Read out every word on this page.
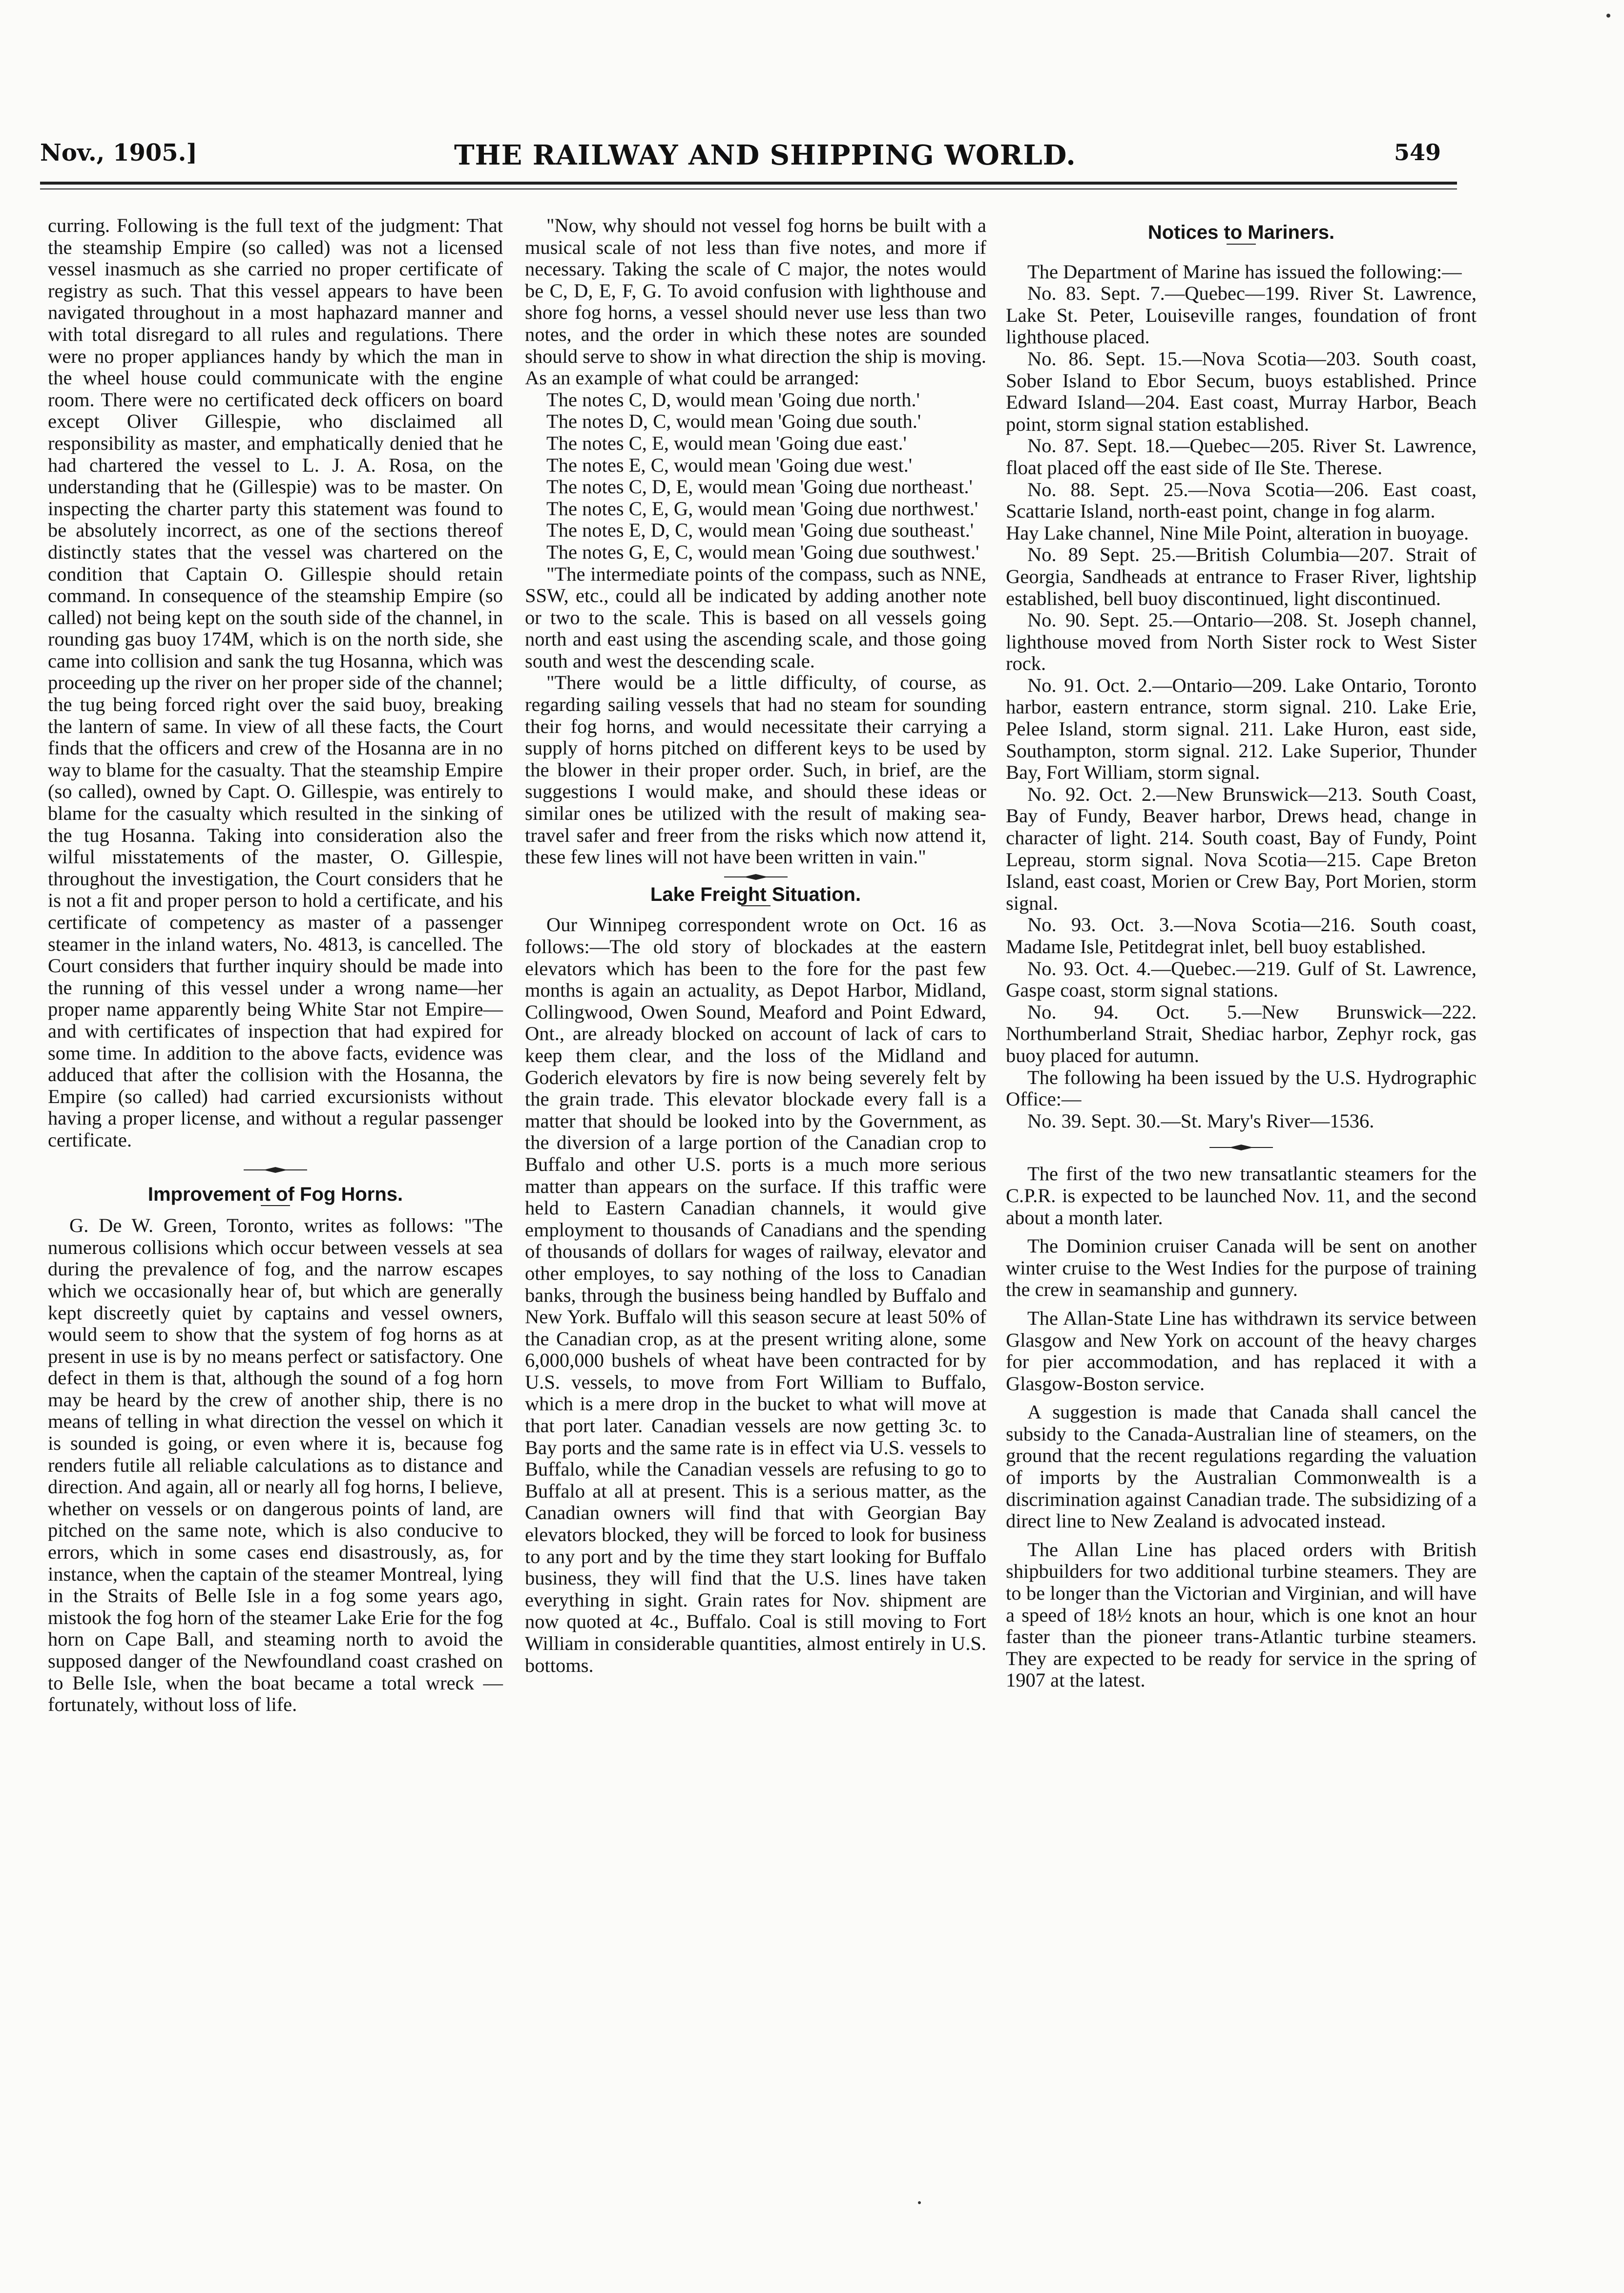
Nov., 1905.]	THE RAILWAY AND SHIPPING WORLD.	549

curring. Following is the full text of the judgment: That the steamship Empire (so called) was not a licensed vessel inasmuch as she carried no proper certificate of registry as such. That this vessel appears to have been navigated throughout in a most haphazard manner and with total disregard to all rules and regulations. There were no proper appliances handy by which the man in the wheel house could communicate with the engine room. There were no certificated deck officers on board except Oliver Gillespie, who disclaimed all responsibility as master, and emphatically denied that he had chartered the vessel to L. J. A. Rosa, on the understanding that he (Gillespie) was to be master. On inspecting the charter party this statement was found to be absolutely incorrect, as one of the sections thereof distinctly states that the vessel was chartered on the condition that Captain O. Gillespie should retain command. In consequence of the steamship Empire (so called) not being kept on the south side of the channel, in rounding gas buoy 174M, which is on the north side, she came into collision and sank the tug Hosanna, which was proceeding up the river on her proper side of the channel; the tug being forced right over the said buoy, breaking the lantern of same. In view of all these facts, the Court finds that the officers and crew of the Hosanna are in no way to blame for the casualty. That the steamship Empire (so called), owned by Capt. O. Gillespie, was entirely to blame for the casualty which resulted in the sinking of the tug Hosanna. Taking into consideration also the wilful misstatements of the master, O. Gillespie, throughout the investigation, the Court considers that he is not a fit and proper person to hold a certificate, and his certificate of competency as master of a passenger steamer in the inland waters, No. 4813, is cancelled. The Court considers that further inquiry should be made into the running of this vessel under a wrong name—her proper name apparently being White Star not Empire—and with certificates of inspection that had expired for some time. In addition to the above facts, evidence was adduced that after the collision with the Hosanna, the Empire (so called) had carried excursionists without having a proper license, and without a regular passenger certificate.

Improvement of Fog Horns.

G. De W. Green, Toronto, writes as follows: "The numerous collisions which occur between vessels at sea during the prevalence of fog, and the narrow escapes which we occasionally hear of, but which are generally kept discreetly quiet by captains and vessel owners, would seem to show that the system of fog horns as at present in use is by no means perfect or satisfactory. One defect in them is that, although the sound of a fog horn may be heard by the crew of another ship, there is no means of telling in what direction the vessel on which it is sounded is going, or even where it is, because fog renders futile all reliable calculations as to distance and direction. And again, all or nearly all fog horns, I believe, whether on vessels or on dangerous points of land, are pitched on the same note, which is also conducive to errors, which in some cases end disastrously, as, for instance, when the captain of the steamer Montreal, lying in the Straits of Belle Isle in a fog some years ago, mistook the fog horn of the steamer Lake Erie for the fog horn on Cape Ball, and steaming north to avoid the supposed danger of the Newfoundland coast crashed on to Belle Isle, when the boat became a total wreck —fortunately, without loss of life.

"Now, why should not vessel fog horns be built with a musical scale of not less than five notes, and more if necessary. Taking the scale of C major, the notes would be C, D, E, F, G. To avoid confusion with lighthouse and shore fog horns, a vessel should never use less than two notes, and the order in which these notes are sounded should serve to show in what direction the ship is moving. As an example of what could be arranged:

The notes C, D, would mean 'Going due north.'

The notes D, C, would mean 'Going due south.'

The notes C, E, would mean 'Going due east.'

The notes E, C, would mean 'Going due west.'

The notes C, D, E, would mean 'Going due northeast.'

The notes C, E, G, would mean 'Going due northwest.'

The notes E, D, C, would mean 'Going due southeast.'

The notes G, E, C, would mean 'Going due southwest.'

"The intermediate points of the compass, such as NNE, SSW, etc., could all be indicated by adding another note or two to the scale. This is based on all vessels going north and east using the ascending scale, and those going south and west the descending scale.

"There would be a little difficulty, of course, as regarding sailing vessels that had no steam for sounding their fog horns, and would necessitate their carrying a supply of horns pitched on different keys to be used by the blower in their proper order. Such, in brief, are the suggestions I would make, and should these ideas or similar ones be utilized with the result of making sea-travel safer and freer from the risks which now attend it, these few lines will not have been written in vain."

Lake Freight Situation.

Our Winnipeg correspondent wrote on Oct. 16 as follows:—The old story of blockades at the eastern elevators which has been to the fore for the past few months is again an actuality, as Depot Harbor, Midland, Collingwood, Owen Sound, Meaford and Point Edward, Ont., are already blocked on account of lack of cars to keep them clear, and the loss of the Midland and Goderich elevators by fire is now being severely felt by the grain trade. This elevator blockade every fall is a matter that should be looked into by the Government, as the diversion of a large portion of the Canadian crop to Buffalo and other U.S. ports is a much more serious matter than appears on the surface. If this traffic were held to Eastern Canadian channels, it would give employment to thousands of Canadians and the spending of thousands of dollars for wages of railway, elevator and other employes, to say nothing of the loss to Canadian banks, through the business being handled by Buffalo and New York. Buffalo will this season secure at least 50% of the Canadian crop, as at the present writing alone, some 6,000,000 bushels of wheat have been contracted for by U.S. vessels, to move from Fort William to Buffalo, which is a mere drop in the bucket to what will move at that port later. Canadian vessels are now getting 3c. to Bay ports and the same rate is in effect via U.S. vessels to Buffalo, while the Canadian vessels are refusing to go to Buffalo at all at present. This is a serious matter, as the Canadian owners will find that with Georgian Bay elevators blocked, they will be forced to look for business to any port and by the time they start looking for Buffalo business, they will find that the U.S. lines have taken everything in sight. Grain rates for Nov. shipment are now quoted at 4c., Buffalo. Coal is still moving to Fort William in considerable quantities, almost entirely in U.S. bottoms.

Notices to Mariners.

The Department of Marine has issued the following:—

No. 83. Sept. 7.—Quebec—199. River St. Lawrence, Lake St. Peter, Louiseville ranges, foundation of front lighthouse placed.

No. 86. Sept. 15.—Nova Scotia—203. South coast, Sober Island to Ebor Secum, buoys established. Prince Edward Island—204. East coast, Murray Harbor, Beach point, storm signal station established.

No. 87. Sept. 18.—Quebec—205. River St. Lawrence, float placed off the east side of Ile Ste. Therese.

No. 88. Sept. 25.—Nova Scotia—206. East coast, Scattarie Island, north-east point, change in fog alarm.

Hay Lake channel, Nine Mile Point, alteration in buoyage.

No. 89 Sept. 25.—British Columbia—207. Strait of Georgia, Sandheads at entrance to Fraser River, lightship established, bell buoy discontinued, light discontinued.

No. 90. Sept. 25.—Ontario—208. St. Joseph channel, lighthouse moved from North Sister rock to West Sister rock.

No. 91. Oct. 2.—Ontario—209. Lake Ontario, Toronto harbor, eastern entrance, storm signal. 210. Lake Erie, Pelee Island, storm signal. 211. Lake Huron, east side, Southampton, storm signal. 212. Lake Superior, Thunder Bay, Fort William, storm signal.

No. 92. Oct. 2.—New Brunswick—213. South Coast, Bay of Fundy, Beaver harbor, Drews head, change in character of light. 214. South coast, Bay of Fundy, Point Lepreau, storm signal. Nova Scotia—215. Cape Breton Island, east coast, Morien or Crew Bay, Port Morien, storm signal.

No. 93. Oct. 3.—Nova Scotia—216. South coast, Madame Isle, Petitdegrat inlet, bell buoy established.

No. 93. Oct. 4.—Quebec.—219. Gulf of St. Lawrence, Gaspe coast, storm signal stations.

No. 94. Oct. 5.—New Brunswick—222. Northumberland Strait, Shediac harbor, Zephyr rock, gas buoy placed for autumn.

The following ha been issued by the U.S. Hydrographic Office:—

No. 39. Sept. 30.—St. Mary's River—1536.

The first of the two new transatlantic steamers for the C.P.R. is expected to be launched Nov. 11, and the second about a month later.

The Dominion cruiser Canada will be sent on another winter cruise to the West Indies for the purpose of training the crew in seamanship and gunnery.

The Allan-State Line has withdrawn its service between Glasgow and New York on account of the heavy charges for pier accommodation, and has replaced it with a Glasgow-Boston service.

A suggestion is made that Canada shall cancel the subsidy to the Canada-Australian line of steamers, on the ground that the recent regulations regarding the valuation of imports by the Australian Commonwealth is a discrimination against Canadian trade. The subsidizing of a direct line to New Zealand is advocated instead.

The Allan Line has placed orders with British shipbuilders for two additional turbine steamers. They are to be longer than the Victorian and Virginian, and will have a speed of 18½ knots an hour, which is one knot an hour faster than the pioneer trans-Atlantic turbine steamers. They are expected to be ready for service in the spring of 1907 at the latest.
